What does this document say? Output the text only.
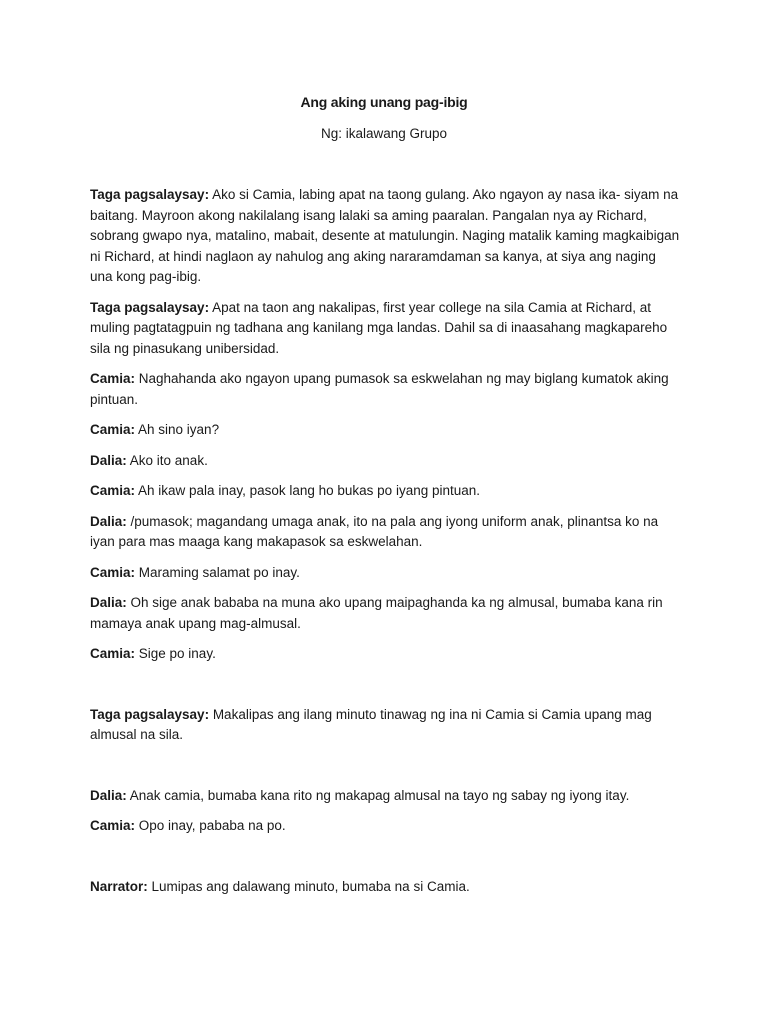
Ang aking unang pag-ibig
Ng: ikalawang Grupo

Taga pagsalaysay: Ako si Camia, labing apat na taong gulang. Ako ngayon ay nasa ika- siyam na baitang. Mayroon akong nakilalang isang lalaki sa aming paaralan. Pangalan nya ay Richard, sobrang gwapo nya, matalino, mabait, desente at matulungin. Naging matalik kaming magkaibigan ni Richard, at hindi naglaon ay nahulog ang aking nararamdaman sa kanya, at siya ang naging una kong pag-ibig.

Taga pagsalaysay: Apat na taon ang nakalipas, first year college na sila Camia at Richard, at muling pagtatagpuin ng tadhana ang kanilang mga landas. Dahil sa di inaasahang magkapareho sila ng pinasukang unibersidad.

Camia: Naghahanda ako ngayon upang pumasok sa eskwelahan ng may biglang kumatok aking pintuan.

Camia: Ah sino iyan?

Dalia: Ako ito anak.

Camia: Ah ikaw pala inay, pasok lang ho bukas po iyang pintuan.

Dalia: /pumasok; magandang umaga anak, ito na pala ang iyong uniform anak, plinantsa ko na iyan para mas maaga kang makapasok sa eskwelahan.

Camia: Maraming salamat po inay.

Dalia: Oh sige anak bababa na muna ako upang maipaghanda ka ng almusal, bumaba kana rin mamaya anak upang mag-almusal.

Camia: Sige po inay.

Taga pagsalaysay: Makalipas ang ilang minuto tinawag ng ina ni Camia si Camia upang mag almusal na sila.

Dalia: Anak camia, bumaba kana rito ng makapag almusal na tayo ng sabay ng iyong itay.

Camia: Opo inay, pababa na po.

Narrator: Lumipas ang dalawang minuto, bumaba na si Camia.
